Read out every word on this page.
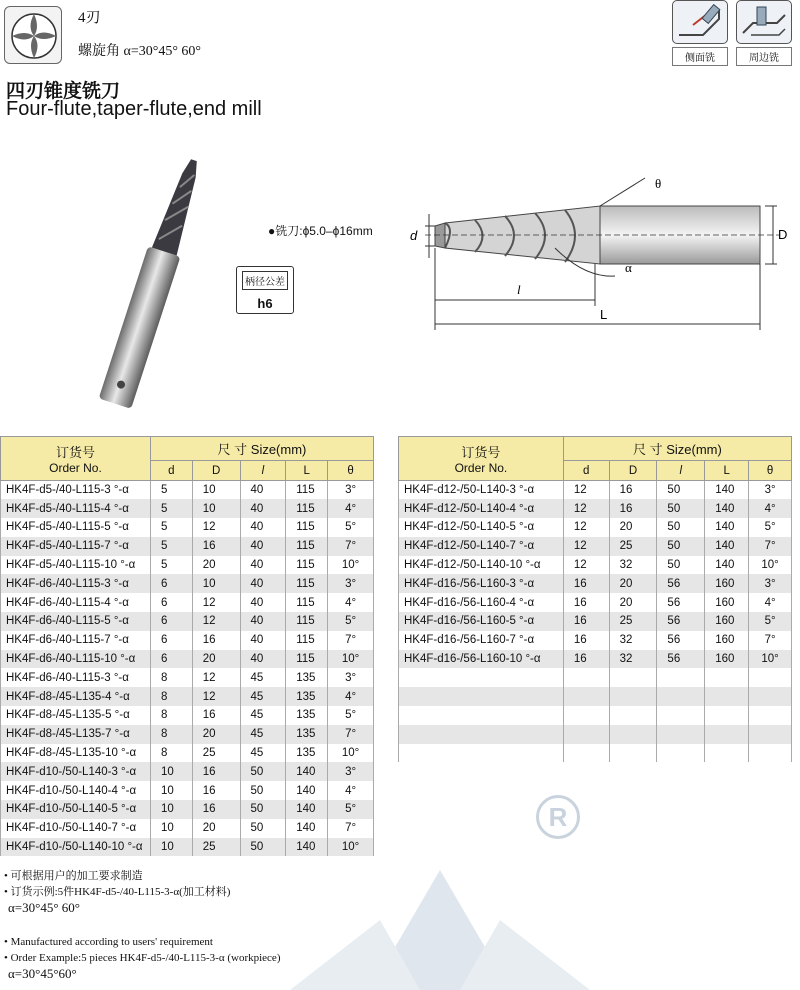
4刃
螺旋角 α=30°45° 60°
四刃锥度铣刀
Four-flute,taper-flute,end mill
侧面铣	周边铣
柄径公差
h6
●铣刀:ϕ5.0–ϕ16mm	D
d
θ
α
l
L
订货号
Order No.	尺 寸 Size(mm)				
	d	D	l	L	θ
HK4F-d5-/40-L115-3 °-α	5	10	40	115	3°
HK4F-d5-/40-L115-4 °-α	5	10	40	115	4°
HK4F-d5-/40-L115-5 °-α	5	12	40	115	5°
HK4F-d5-/40-L115-7 °-α	5	16	40	115	7°
HK4F-d5-/40-L115-10 °-α	5	20	40	115	10°
HK4F-d6-/40-L115-3 °-α	6	10	40	115	3°
HK4F-d6-/40-L115-4 °-α	6	12	40	115	4°
HK4F-d6-/40-L115-5 °-α	6	12	40	115	5°
HK4F-d6-/40-L115-7 °-α	6	16	40	115	7°
HK4F-d6-/40-L115-10 °-α	6	20	40	115	10°
HK4F-d6-/40-L115-3 °-α	8	12	45	135	3°
HK4F-d8-/45-L135-4 °-α	8	12	45	135	4°
HK4F-d8-/45-L135-5 °-α	8	16	45	135	5°
HK4F-d8-/45-L135-7 °-α	8	20	45	135	7°
HK4F-d8-/45-L135-10 °-α	8	25	45	135	10°
HK4F-d10-/50-L140-3 °-α	10	16	50	140	3°
HK4F-d10-/50-L140-4 °-α	10	16	50	140	4°
HK4F-d10-/50-L140-5 °-α	10	16	50	140	5°
HK4F-d10-/50-L140-7 °-α	10	20	50	140	7°
HK4F-d10-/50-L140-10 °-α	10	25	50	140	10°
订货号
Order No.	尺 寸 Size(mm)				
	d	D	l	L	θ
HK4F-d12-/50-L140-3 °-α	12	16	50	140	3°
HK4F-d12-/50-L140-4 °-α	12	16	50	140	4°
HK4F-d12-/50-L140-5 °-α	12	20	50	140	5°
HK4F-d12-/50-L140-7 °-α	12	25	50	140	7°
HK4F-d12-/50-L140-10 °-α	12	32	50	140	10°
HK4F-d16-/56-L160-3 °-α	16	20	56	160	3°
HK4F-d16-/56-L160-4 °-α	16	20	56	160	4°
HK4F-d16-/56-L160-5 °-α	16	25	56	160	5°
HK4F-d16-/56-L160-7 °-α	16	32	56	160	7°
HK4F-d16-/56-L160-10 °-α	16	32	56	160	10°

• 可根据用户的加工要求制造
• 订货示例:5件HK4F-d5-/40-L115-3-α(加工材料)
α=30°45° 60°
• Manufactured according to users' requirement
• Order Example:5 pieces HK4F-d5-/40-L115-3-α (workpiece)
α=30°45°60°
R
